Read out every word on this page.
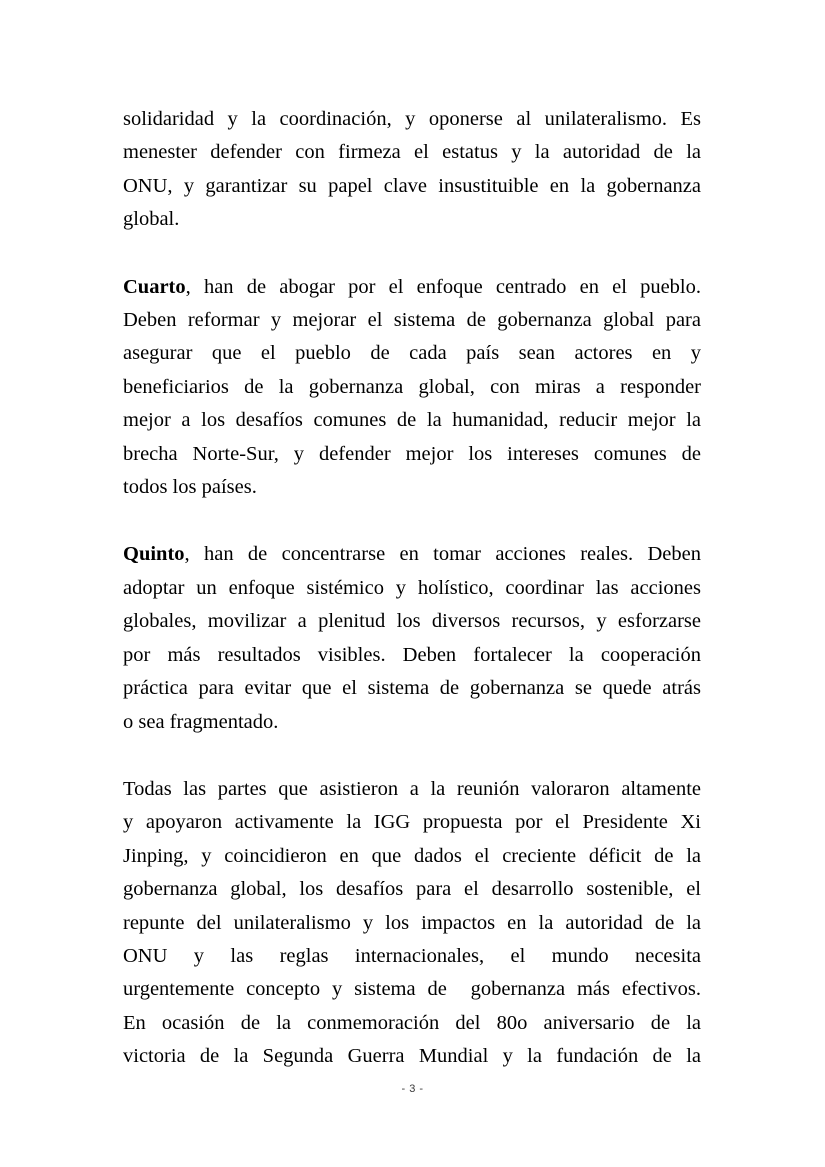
solidaridad y la coordinación, y oponerse al unilateralismo. Es
menester defender con firmeza el estatus y la autoridad de la
ONU, y garantizar su papel clave insustituible en la gobernanza
global.

Cuarto, han de abogar por el enfoque centrado en el pueblo.
Deben reformar y mejorar el sistema de gobernanza global para
asegurar que el pueblo de cada país sean actores en y
beneficiarios de la gobernanza global, con miras a responder
mejor a los desafíos comunes de la humanidad, reducir mejor la
brecha Norte-Sur, y defender mejor los intereses comunes de
todos los países.

Quinto, han de concentrarse en tomar acciones reales. Deben
adoptar un enfoque sistémico y holístico, coordinar las acciones
globales, movilizar a plenitud los diversos recursos, y esforzarse
por más resultados visibles. Deben fortalecer la cooperación
práctica para evitar que el sistema de gobernanza se quede atrás
o sea fragmentado.

Todas las partes que asistieron a la reunión valoraron altamente
y apoyaron activamente la IGG propuesta por el Presidente Xi
Jinping, y coincidieron en que dados el creciente déficit de la
gobernanza global, los desafíos para el desarrollo sostenible, el
repunte del unilateralismo y los impactos en la autoridad de la
ONU y las reglas internacionales, el mundo necesita
urgentemente concepto y sistema de  gobernanza más efectivos.
En ocasión de la conmemoración del 80o aniversario de la
victoria de la Segunda Guerra Mundial y la fundación de la

- 3 -
